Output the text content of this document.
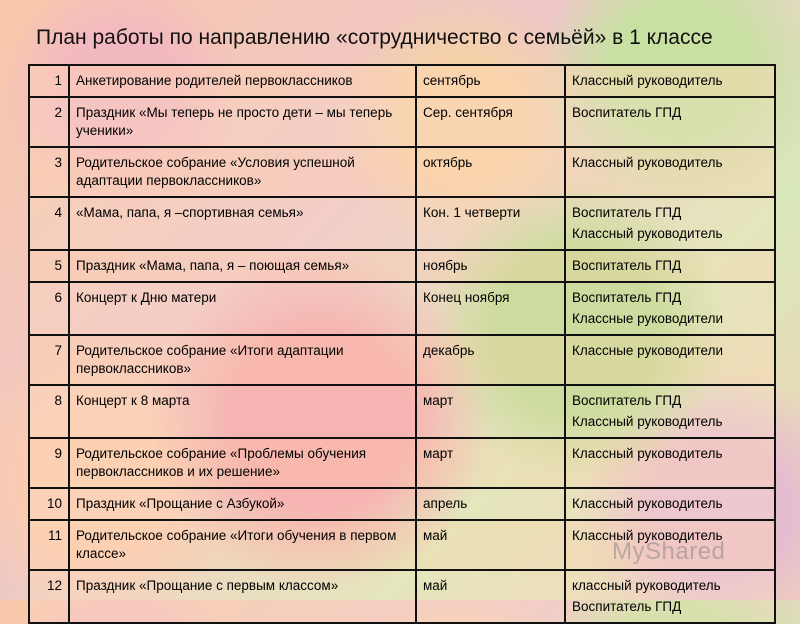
План работы по направлению «сотрудничество с семьёй» в 1 классе
1	Анкетирование родителей первоклассников	сентябрь	Классный руководитель

2	Праздник «Мы теперь не просто дети – мы теперь ученики»	Сер. сентября	Воспитатель ГПД

3	Родительское собрание «Условия успешной адаптации первоклассников»	октябрь	Классный руководитель

4	«Мама, папа, я –спортивная семья»	Кон. 1 четверти	Воспитатель ГПД
Классный руководитель

5	Праздник «Мама, папа, я – поющая семья»	ноябрь	Воспитатель ГПД

6	Концерт к Дню матери	Конец ноября	Воспитатель ГПД
Классные руководители

7	Родительское собрание «Итоги адаптации первоклассников»	декабрь	Классные руководители

8	Концерт к 8 марта	март	Воспитатель ГПД
Классный руководитель

9	Родительское собрание «Проблемы обучения первоклассников и их решение»	март	Классный руководитель

10	Праздник «Прощание с Азбукой»	апрель	Классный руководитель

11	Родительское собрание «Итоги обучения в первом классе»	май	Классный руководитель

12	Праздник «Прощание с первым классом»	май	классный руководитель
Воспитатель ГПД
MyShared
